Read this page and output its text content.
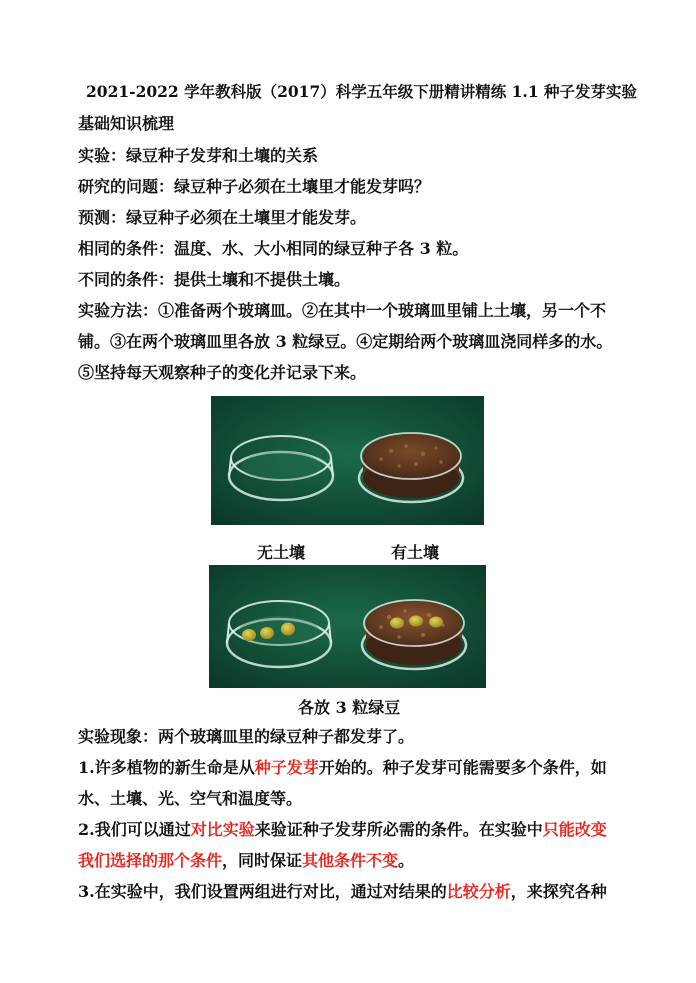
2021-2022 学年教科版（2017）科学五年级下册精讲精练 1.1 种子发芽实验
基础知识梳理
实验：绿豆种子发芽和土壤的关系
研究的问题：绿豆种子必须在土壤里才能发芽吗？
预测：绿豆种子必须在土壤里才能发芽。
相同的条件：温度、水、大小相同的绿豆种子各 3 粒。
不同的条件：提供土壤和不提供土壤。
实验方法：①准备两个玻璃皿。②在其中一个玻璃皿里铺上土壤，另一个不
铺。③在两个玻璃皿里各放 3 粒绿豆。④定期给两个玻璃皿浇同样多的水。
⑤坚持每天观察种子的变化并记录下来。
无土壤	有土壤
各放 3 粒绿豆
实验现象：两个玻璃皿里的绿豆种子都发芽了。
1.许多植物的新生命是从种子发芽开始的。种子发芽可能需要多个条件，如
水、土壤、光、空气和温度等。
2.我们可以通过对比实验来验证种子发芽所必需的条件。在实验中只能改变
我们选择的那个条件，同时保证其他条件不变。
3.在实验中，我们设置两组进行对比，通过对结果的比较分析，来探究各种
